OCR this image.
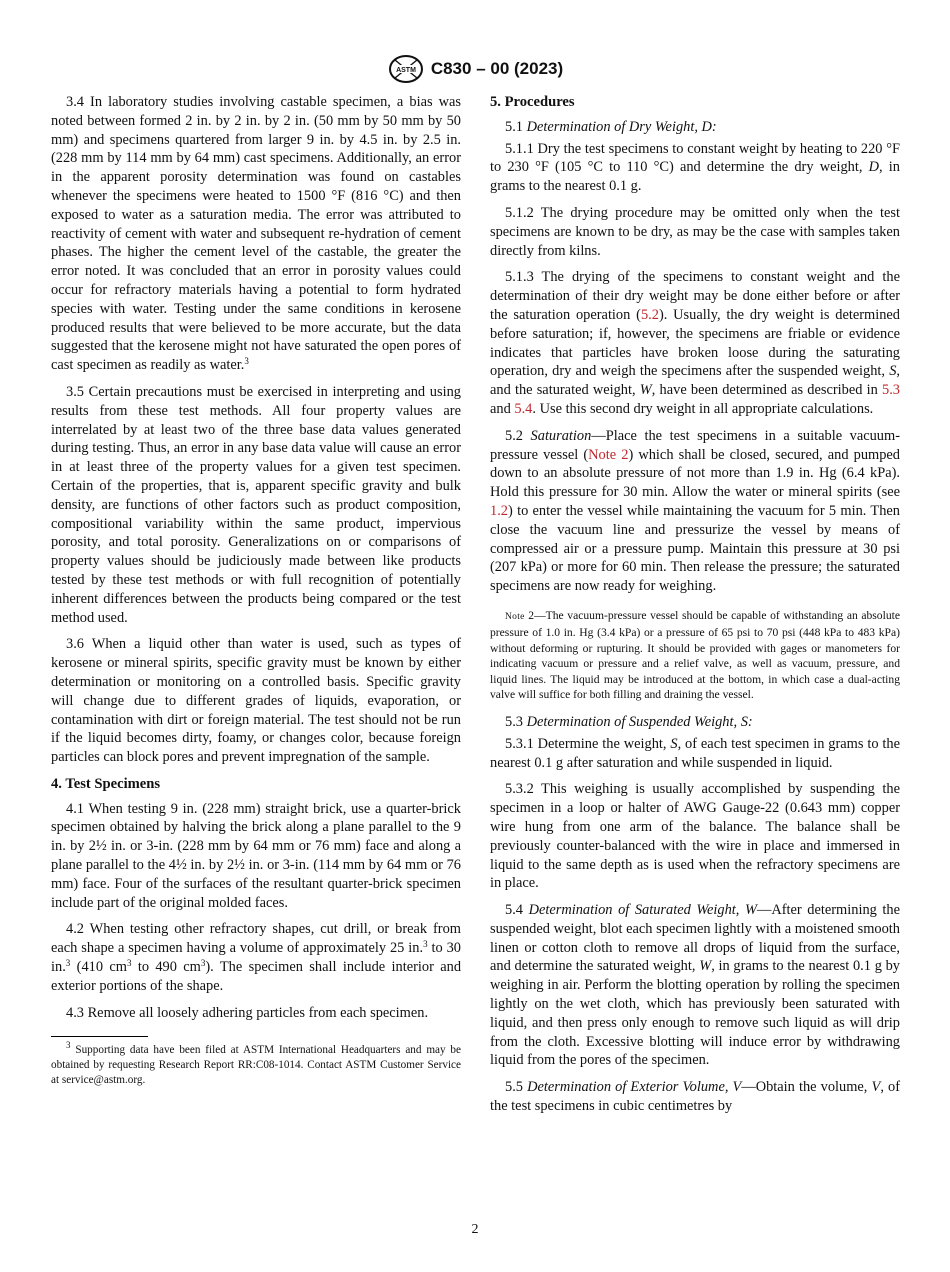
ASTM C830 – 00 (2023)

3.4 In laboratory studies involving castable specimen, a bias was noted between formed 2 in. by 2 in. by 2 in. (50 mm by 50 mm by 50 mm) and specimens quartered from larger 9 in. by 4.5 in. by 2.5 in. (228 mm by 114 mm by 64 mm) cast specimens. Additionally, an error in the apparent porosity determination was found on castables whenever the specimens were heated to 1500 °F (816 °C) and then exposed to water as a saturation media. The error was attributed to reactivity of cement with water and subsequent re-hydration of cement phases. The higher the cement level of the castable, the greater the error noted. It was concluded that an error in porosity values could occur for refractory materials having a potential to form hydrated species with water. Testing under the same conditions in kerosene produced results that were believed to be more accurate, but the data suggested that the kerosene might not have saturated the open pores of cast specimen as readily as water.$^3$

3.5 Certain precautions must be exercised in interpreting and using results from these test methods. All four property values are interrelated by at least two of the three base data values generated during testing. Thus, an error in any base data value will cause an error in at least three of the property values for a given test specimen. Certain of the properties, that is, apparent specific gravity and bulk density, are functions of other factors such as product composition, compositional variability within the same product, impervious porosity, and total porosity. Generalizations on or comparisons of property values should be judiciously made between like products tested by these test methods or with full recognition of potentially inherent differences between the products being compared or the test method used.

3.6 When a liquid other than water is used, such as types of kerosene or mineral spirits, specific gravity must be known by either determination or monitoring on a controlled basis. Specific gravity will change due to different grades of liquids, evaporation, or contamination with dirt or foreign material. The test should not be run if the liquid becomes dirty, foamy, or changes color, because foreign particles can block pores and prevent impregnation of the sample.

4. Test Specimens

4.1 When testing 9 in. (228 mm) straight brick, use a quarter-brick specimen obtained by halving the brick along a plane parallel to the 9 in. by 2½ in. or 3-in. (228 mm by 64 mm or 76 mm) face and along a plane parallel to the 4½ in. by 2½ in. or 3-in. (114 mm by 64 mm or 76 mm) face. Four of the surfaces of the resultant quarter-brick specimen include part of the original molded faces.

4.2 When testing other refractory shapes, cut drill, or break from each shape a specimen having a volume of approximately 25 in.$^3$ to 30 in.$^3$ (410 $cm^3$ to 490 $cm^3$). The specimen shall include interior and exterior portions of the shape.

4.3 Remove all loosely adhering particles from each specimen.

$^3$ Supporting data have been filed at ASTM International Headquarters and may be obtained by requesting Research Report RR:C08-1014. Contact ASTM Customer Service at service@astm.org.

5. Procedures

5.1 Determination of Dry Weight, D:

5.1.1 Dry the test specimens to constant weight by heating to 220 °F to 230 °F (105 °C to 110 °C) and determine the dry weight, D, in grams to the nearest 0.1 g.

5.1.2 The drying procedure may be omitted only when the test specimens are known to be dry, as may be the case with samples taken directly from kilns.

5.1.3 The drying of the specimens to constant weight and the determination of their dry weight may be done either before or after the saturation operation (5.2). Usually, the dry weight is determined before saturation; if, however, the specimens are friable or evidence indicates that particles have broken loose during the saturating operation, dry and weigh the specimens after the suspended weight, S, and the saturated weight, W, have been determined as described in 5.3 and 5.4. Use this second dry weight in all appropriate calculations.

5.2 Saturation—Place the test specimens in a suitable vacuum-pressure vessel (Note 2) which shall be closed, secured, and pumped down to an absolute pressure of not more than 1.9 in. Hg (6.4 kPa). Hold this pressure for 30 min. Allow the water or mineral spirits (see 1.2) to enter the vessel while maintaining the vacuum for 5 min. Then close the vacuum line and pressurize the vessel by means of compressed air or a pressure pump. Maintain this pressure at 30 psi (207 kPa) or more for 60 min. Then release the pressure; the saturated specimens are now ready for weighing.

Note 2—The vacuum-pressure vessel should be capable of withstanding an absolute pressure of 1.0 in. Hg (3.4 kPa) or a pressure of 65 psi to 70 psi (448 kPa to 483 kPa) without deforming or rupturing. It should be provided with gages or manometers for indicating vacuum or pressure and a relief valve, as well as vacuum, pressure, and liquid lines. The liquid may be introduced at the bottom, in which case a dual-acting valve will suffice for both filling and draining the vessel.

5.3 Determination of Suspended Weight, S:

5.3.1 Determine the weight, S, of each test specimen in grams to the nearest 0.1 g after saturation and while suspended in liquid.

5.3.2 This weighing is usually accomplished by suspending the specimen in a loop or halter of AWG Gauge-22 (0.643 mm) copper wire hung from one arm of the balance. The balance shall be previously counter-balanced with the wire in place and immersed in liquid to the same depth as is used when the refractory specimens are in place.

5.4 Determination of Saturated Weight, W—After determining the suspended weight, blot each specimen lightly with a moistened smooth linen or cotton cloth to remove all drops of liquid from the surface, and determine the saturated weight, W, in grams to the nearest 0.1 g by weighing in air. Perform the blotting operation by rolling the specimen lightly on the wet cloth, which has previously been saturated with liquid, and then press only enough to remove such liquid as will drip from the cloth. Excessive blotting will induce error by withdrawing liquid from the pores of the specimen.

5.5 Determination of Exterior Volume, V—Obtain the volume, V, of the test specimens in cubic centimetres by

2
